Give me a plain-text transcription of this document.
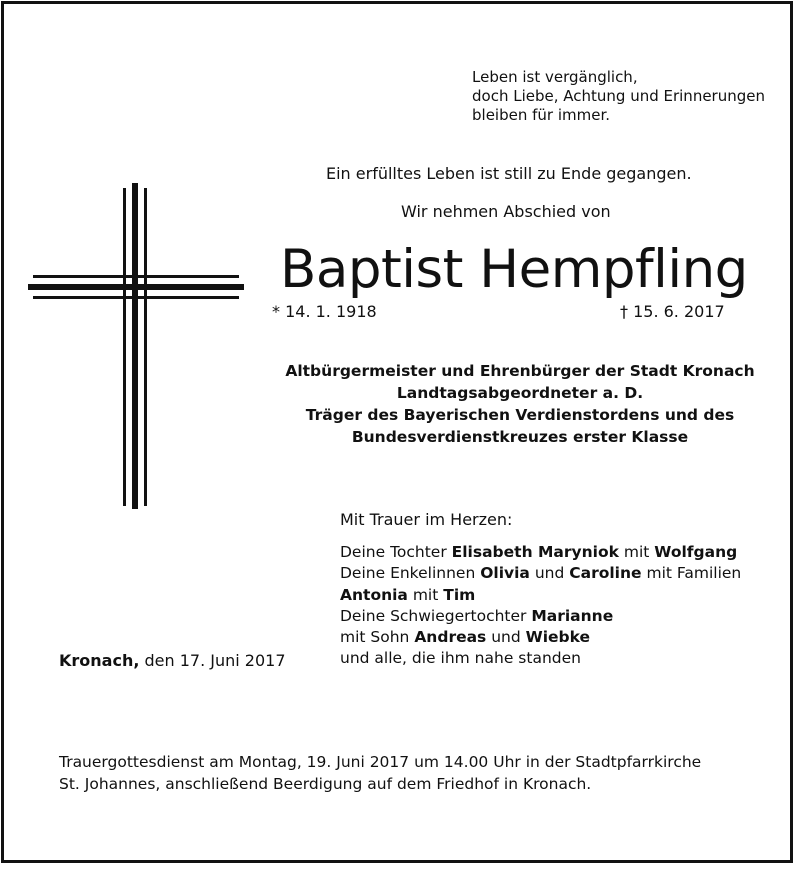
Leben ist vergänglich,
doch Liebe, Achtung und Erinnerungen
bleiben für immer.
Ein erfülltes Leben ist still zu Ende gegangen.
Wir nehmen Abschied von
Baptist Hempfling
* 14. 1. 1918	† 15. 6. 2017
Altbürgermeister und Ehrenbürger der Stadt Kronach
Landtagsabgeordneter a. D.
Träger des Bayerischen Verdienstordens und des
Bundesverdienstkreuzes erster Klasse
Mit Trauer im Herzen:
Deine Tochter Elisabeth Maryniok mit Wolfgang
Deine Enkelinnen Olivia und Caroline mit Familien
Antonia mit Tim
Deine Schwiegertochter Marianne
mit Sohn Andreas und Wiebke
und alle, die ihm nahe standen
Kronach, den 17. Juni 2017
Trauergottesdienst am Montag, 19. Juni 2017 um 14.00 Uhr in der Stadtpfarrkirche
St. Johannes, anschließend Beerdigung auf dem Friedhof in Kronach.
